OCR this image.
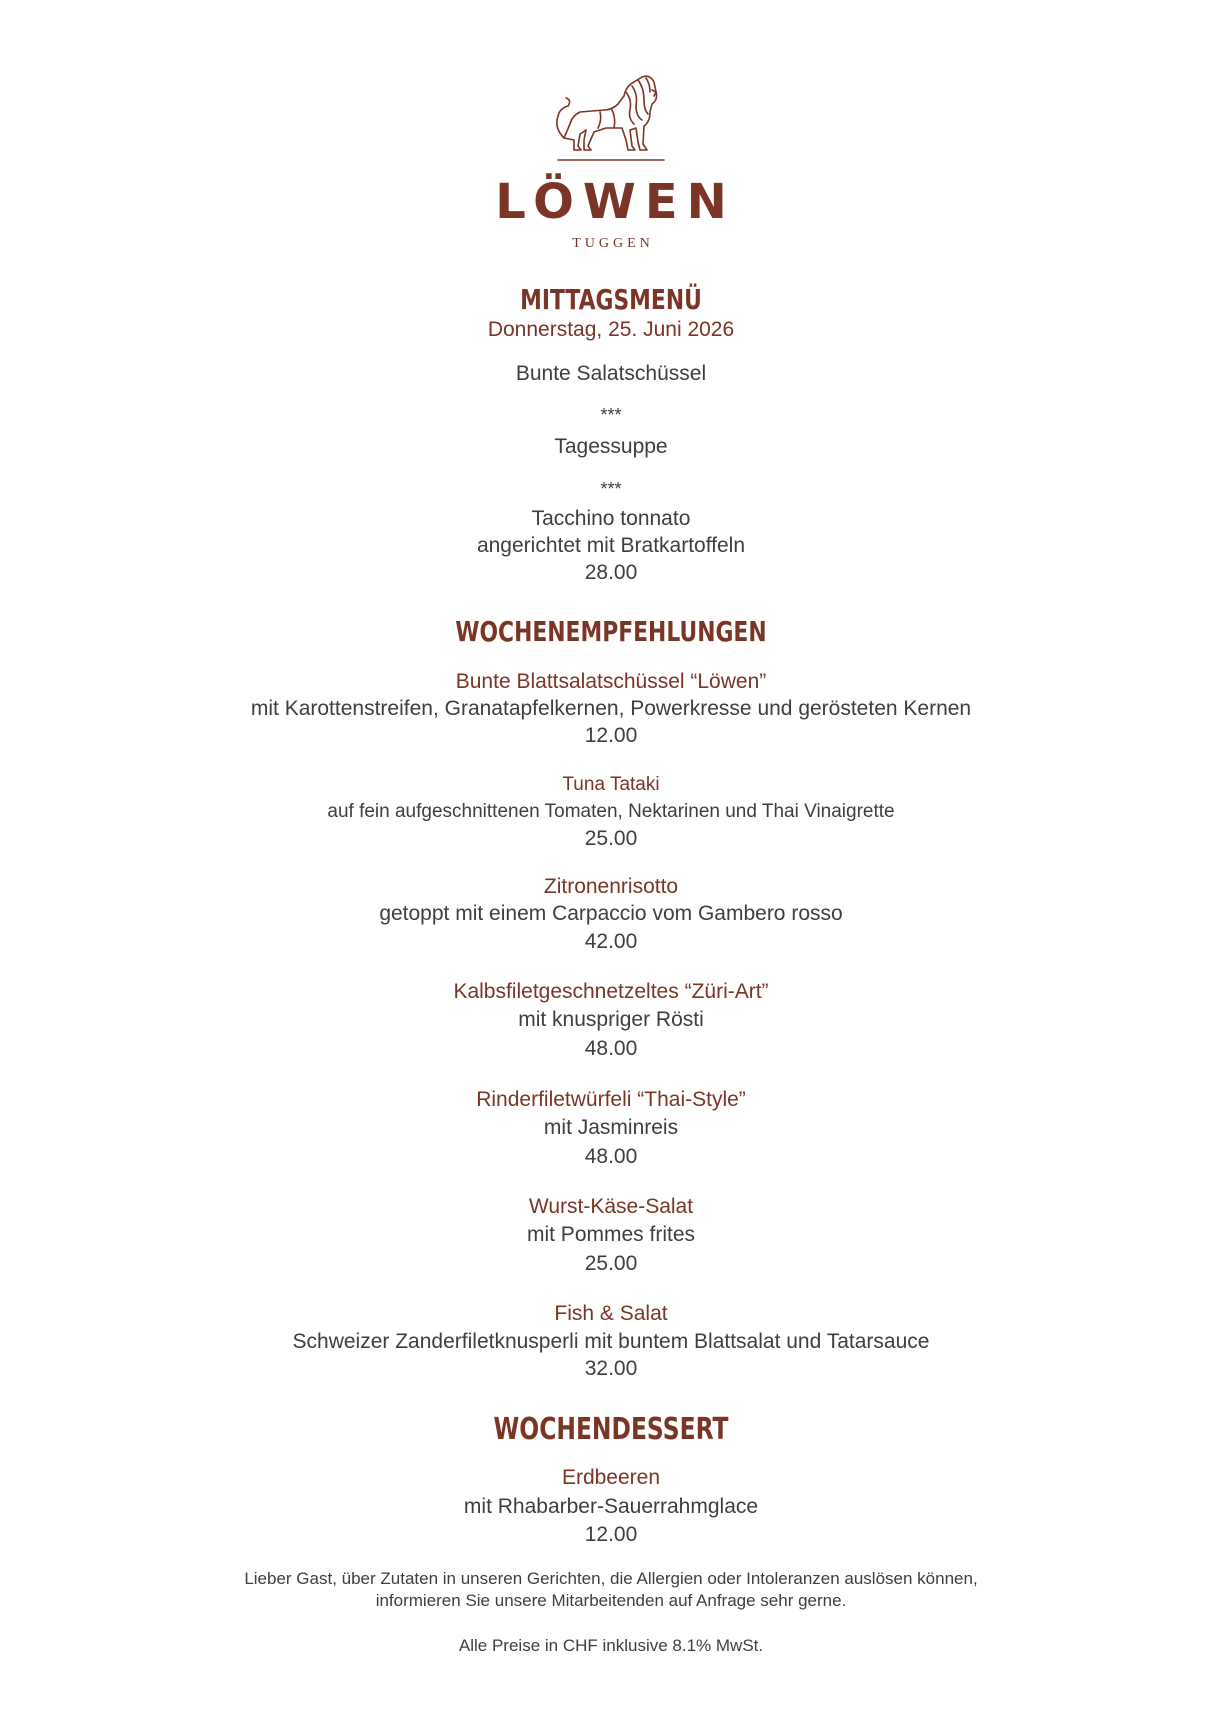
LÖWEN
TUGGEN
MITTAGSMENÜ
Donnerstag, 25. Juni 2026
Bunte Salatschüssel
***
Tagessuppe
***
Tacchino tonnato
angerichtet mit Bratkartoffeln
28.00
WOCHENEMPFEHLUNGEN
Bunte Blattsalatschüssel “Löwen”
mit Karottenstreifen, Granatapfelkernen, Powerkresse und gerösteten Kernen
12.00
Tuna Tataki
auf fein aufgeschnittenen Tomaten, Nektarinen und Thai Vinaigrette
25.00
Zitronenrisotto
getoppt mit einem Carpaccio vom Gambero rosso
42.00
Kalbsfiletgeschnetzeltes “Züri-Art”
mit knuspriger Rösti
48.00
Rinderfiletwürfeli “Thai-Style”
mit Jasminreis
48.00
Wurst-Käse-Salat
mit Pommes frites
25.00
Fish & Salat
Schweizer Zanderfiletknusperli mit buntem Blattsalat und Tatarsauce
32.00
WOCHENDESSERT
Erdbeeren
mit Rhabarber-Sauerrahmglace
12.00
Lieber Gast, über Zutaten in unseren Gerichten, die Allergien oder Intoleranzen auslösen können,
informieren Sie unsere Mitarbeitenden auf Anfrage sehr gerne.
Alle Preise in CHF inklusive 8.1% MwSt.
